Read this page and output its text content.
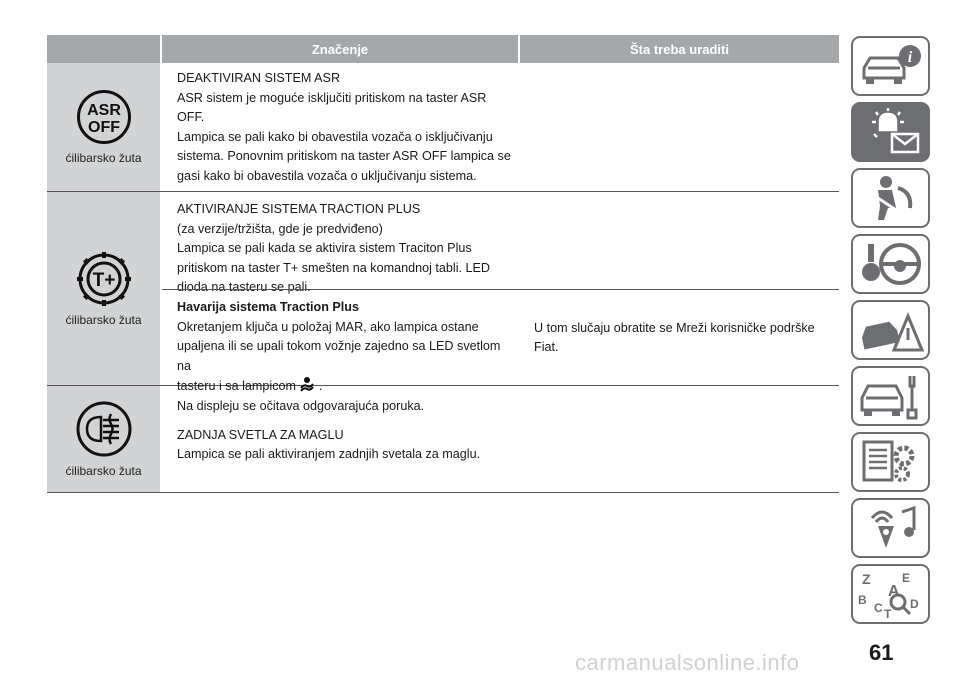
Značenje	Šta treba uraditi
ASR
OFF
ćilibarsko žuta
DEAKTIVIRAN SISTEM ASR
ASR sistem je moguće isključiti pritiskom na taster ASR OFF.
Lampica se pali kako bi obavestila vozača o isključivanju
sistema. Ponovnim pritiskom na taster ASR OFF lampica se
gasi kako bi obavestila vozača o uključivanju sistema.
T+
ćilibarsko žuta
AKTIVIRANJE SISTEMA TRACTION PLUS
(za verzije/tržišta, gde je predviđeno)
Lampica se pali kada se aktivira sistem Traciton Plus
pritiskom na taster T+ smešten na komandnoj tabli. LED
dioda na tasteru se pali.
Havarija sistema Traction Plus
Okretanjem ključa u položaj MAR, ako lampica ostane
upaljena ili se upali tokom vožnje zajedno sa LED svetlom na
tasteru i sa lampicom .
Na displeju se očitava odgovarajuća poruka.
U tom slučaju obratite se Mreži korisničke podrške Fiat.
ćilibarsko žuta
ZADNJA SVETLA ZA MAGLU
Lampica se pali aktiviranjem zadnjih svetala za maglu.
i
Z	E
A
B
C D
T
61
carmanualsonline.info
